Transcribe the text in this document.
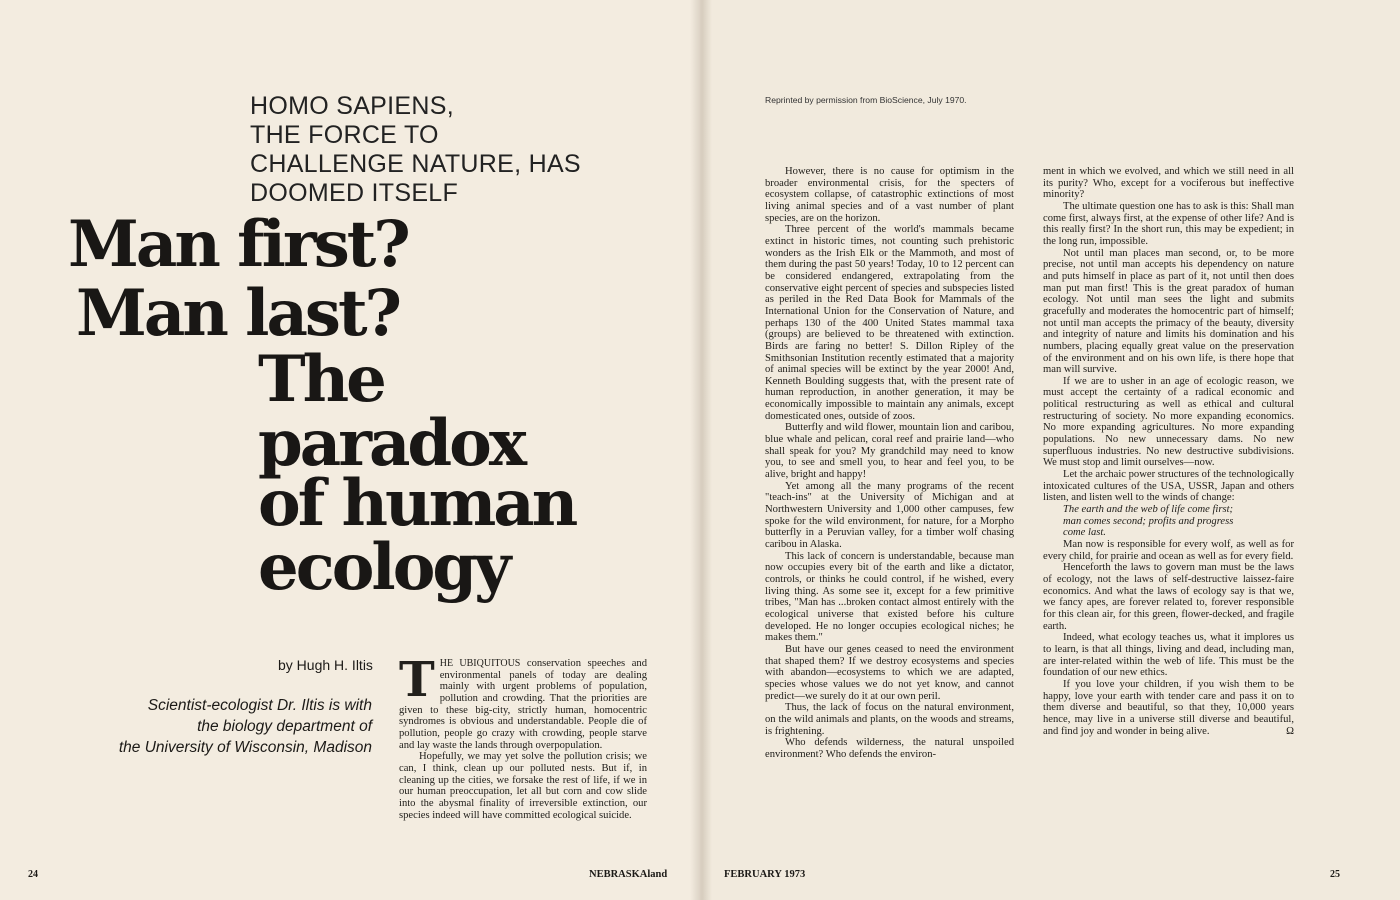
HOMO SAPIENS,
THE FORCE TO
CHALLENGE NATURE, HAS
DOOMED ITSELF
Man first?
Man last?
The
paradox
of human
ecology
by Hugh H. Iltis
Scientist-ecologist Dr. Iltis is with
the biology department of
the University of Wisconsin, Madison

THE UBIQUITOUS conservation speeches and environmental panels of today are dealing mainly with urgent problems of population, pollution and crowding. That the priorities are given to these big-city, strictly human, homocentric syndromes is obvious and understandable. People die of pollution, people go crazy with crowding, people starve and lay waste the lands through overpopulation.

Hopefully, we may yet solve the pollution crisis; we can, I think, clean up our polluted nests. But if, in cleaning up the cities, we forsake the rest of life, if we in our human preoccupation, let all but corn and cow slide into the abysmal finality of irreversible extinction, our species indeed will have committed ecological suicide.

24	NEBRASKAland
Reprinted by permission from BioScience, July 1970.

However, there is no cause for optimism in the broader environmental crisis, for the specters of ecosystem collapse, of catastrophic extinctions of most living animal species and of a vast number of plant species, are on the horizon.

Three percent of the world's mammals became extinct in historic times, not counting such prehistoric wonders as the Irish Elk or the Mammoth, and most of them during the past 50 years! Today, 10 to 12 percent can be considered endangered, extrapolating from the conservative eight percent of species and subspecies listed as periled in the Red Data Book for Mammals of the International Union for the Conservation of Nature, and perhaps 130 of the 400 United States mammal taxa (groups) are believed to be threatened with extinction. Birds are faring no better! S. Dillon Ripley of the Smithsonian Institution recently estimated that a majority of animal species will be extinct by the year 2000! And, Kenneth Boulding suggests that, with the present rate of human reproduction, in another generation, it may be economically impossible to maintain any animals, except domesticated ones, outside of zoos.

Butterfly and wild flower, mountain lion and caribou, blue whale and pelican, coral reef and prairie land—who shall speak for you? My grandchild may need to know you, to see and smell you, to hear and feel you, to be alive, bright and happy!

Yet among all the many programs of the recent "teach-ins" at the University of Michigan and at Northwestern University and 1,000 other campuses, few spoke for the wild environment, for nature, for a Morpho butterfly in a Peruvian valley, for a timber wolf chasing caribou in Alaska.

This lack of concern is understandable, because man now occupies every bit of the earth and like a dictator, controls, or thinks he could control, if he wished, every living thing. As some see it, except for a few primitive tribes, "Man has ...broken contact almost entirely with the ecological universe that existed before his culture developed. He no longer occupies ecological niches; he makes them."

But have our genes ceased to need the environment that shaped them? If we destroy ecosystems and species with abandon—ecosystems to which we are adapted, species whose values we do not yet know, and cannot predict—we surely do it at our own peril.

Thus, the lack of focus on the natural environment, on the wild animals and plants, on the woods and streams, is frightening.

Who defends wilderness, the natural unspoiled environment? Who defends the environ-

ment in which we evolved, and which we still need in all its purity? Who, except for a vociferous but ineffective minority?

The ultimate question one has to ask is this: Shall man come first, always first, at the expense of other life? And is this really first? In the short run, this may be expedient; in the long run, impossible.

Not until man places man second, or, to be more precise, not until man accepts his dependency on nature and puts himself in place as part of it, not until then does man put man first! This is the great paradox of human ecology. Not until man sees the light and submits gracefully and moderates the homocentric part of himself; not until man accepts the primacy of the beauty, diversity and integrity of nature and limits his domination and his numbers, placing equally great value on the preservation of the environment and on his own life, is there hope that man will survive.

If we are to usher in an age of ecologic reason, we must accept the certainty of a radical economic and political restructuring as well as ethical and cultural restructuring of society. No more expanding economics. No more expanding agricultures. No more expanding populations. No new unnecessary dams. No new superfluous industries. No new destructive subdivisions. We must stop and limit ourselves—now.

Let the archaic power structures of the technologically intoxicated cultures of the USA, USSR, Japan and others listen, and listen well to the winds of change:

The earth and the web of life come first;

man comes second; profits and progress

come last.

Man now is responsible for every wolf, as well as for every child, for prairie and ocean as well as for every field.

Henceforth the laws to govern man must be the laws of ecology, not the laws of self-destructive laissez-faire economics. And what the laws of ecology say is that we, we fancy apes, are forever related to, forever responsible for this clean air, for this green, flower-decked, and fragile earth.

Indeed, what ecology teaches us, what it implores us to learn, is that all things, living and dead, including man, are inter-related within the web of life. This must be the foundation of our new ethics.

If you love your children, if you wish them to be happy, love your earth with tender care and pass it on to them diverse and beautiful, so that they, 10,000 years hence, may live in a universe still diverse and beautiful, and find joy and wonder in being alive.	Ω

FEBRUARY 1973	25
